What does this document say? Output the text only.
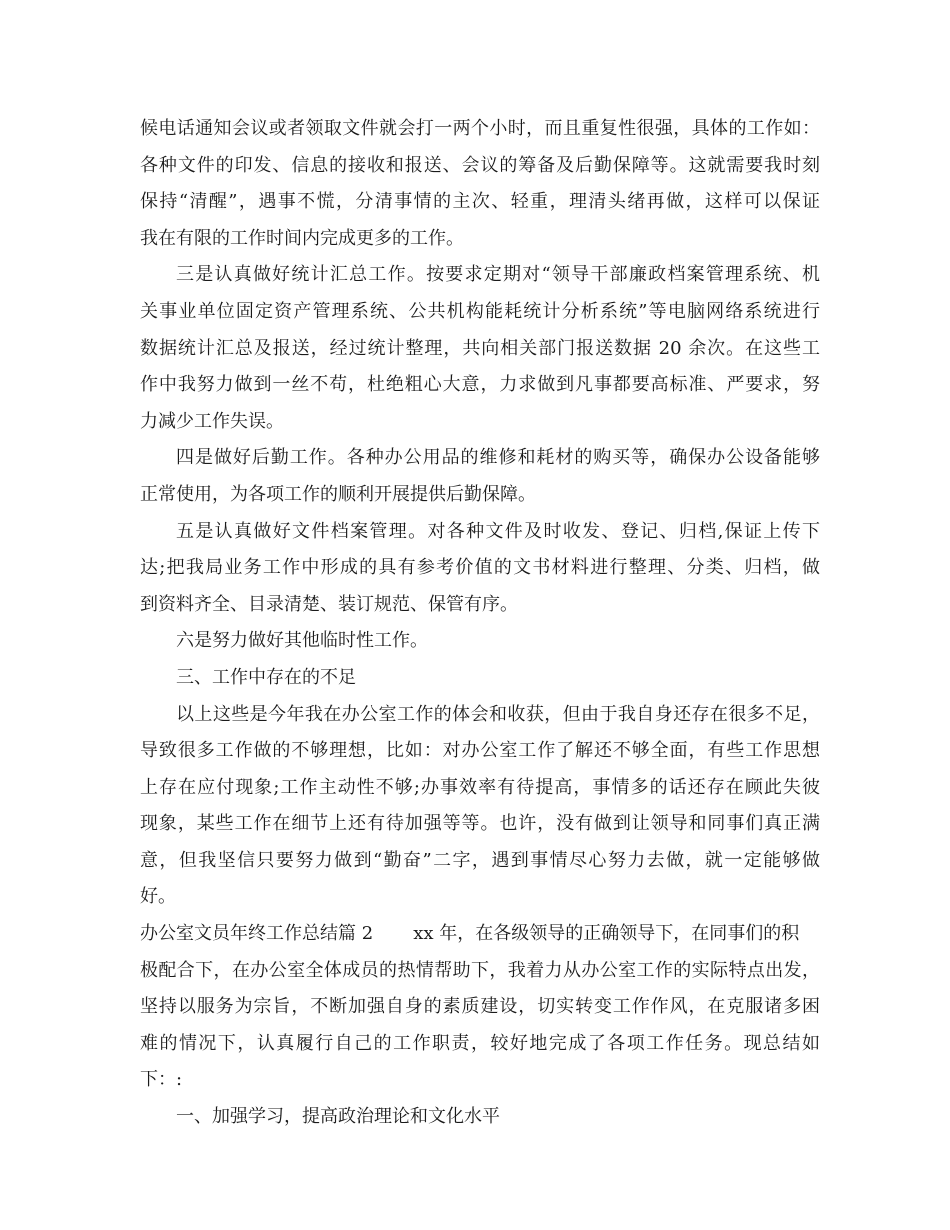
候电话通知会议或者领取文件就会打一两个小时，而且重复性很强，具体的工作如：
各种文件的印发、信息的接收和报送、会议的筹备及后勤保障等。这就需要我时刻
保持“清醒”，遇事不慌，分清事情的主次、轻重，理清头绪再做，这样可以保证
我在有限的工作时间内完成更多的工作。
三是认真做好统计汇总工作。按要求定期对“领导干部廉政档案管理系统、机
关事业单位固定资产管理系统、公共机构能耗统计分析系统”等电脑网络系统进行
数据统计汇总及报送，经过统计整理，共向相关部门报送数据 20 余次。在这些工
作中我努力做到一丝不苟，杜绝粗心大意，力求做到凡事都要高标准、严要求，努
力减少工作失误。
四是做好后勤工作。各种办公用品的维修和耗材的购买等，确保办公设备能够
正常使用，为各项工作的顺利开展提供后勤保障。
五是认真做好文件档案管理。对各种文件及时收发、登记、归档,保证上传下
达;把我局业务工作中形成的具有参考价值的文书材料进行整理、分类、归档，做
到资料齐全、目录清楚、装订规范、保管有序。
六是努力做好其他临时性工作。
三、工作中存在的不足
以上这些是今年我在办公室工作的体会和收获，但由于我自身还存在很多不足，
导致很多工作做的不够理想，比如：对办公室工作了解还不够全面，有些工作思想
上存在应付现象;工作主动性不够;办事效率有待提高，事情多的话还存在顾此失彼
现象，某些工作在细节上还有待加强等等。也许，没有做到让领导和同事们真正满
意，但我坚信只要努力做到“勤奋”二字，遇到事情尽心努力去做，就一定能够做
好。
办公室文员年终工作总结篇 2 xx 年，在各级领导的正确领导下，在同事们的积
极配合下，在办公室全体成员的热情帮助下，我着力从办公室工作的实际特点出发，
坚持以服务为宗旨，不断加强自身的素质建设，切实转变工作作风，在克服诸多困
难的情况下，认真履行自己的工作职责，较好地完成了各项工作任务。现总结如
下：:
一、加强学习，提高政治理论和文化水平
